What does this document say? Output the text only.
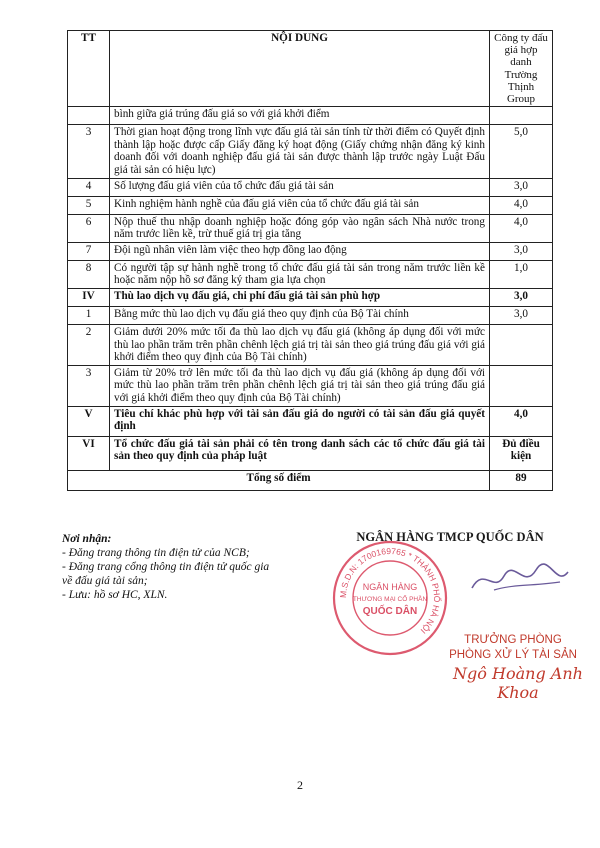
TT	NỘI DUNG	Công ty đấu giá hợp danh Trường Thịnh Group
	bình giữa giá trúng đấu giá so với giá khởi điểm	
3	Thời gian hoạt động trong lĩnh vực đấu giá tài sản tính từ thời điểm có Quyết định thành lập hoặc được cấp Giấy đăng ký hoạt động (Giấy chứng nhận đăng ký kinh doanh đối với doanh nghiệp đấu giá tài sản được thành lập trước ngày Luật Đấu giá tài sản có hiệu lực)	5,0
4	Số lượng đấu giá viên của tổ chức đấu giá tài sản	3,0
5	Kinh nghiệm hành nghề của đấu giá viên của tổ chức đấu giá tài sản	4,0
6	Nộp thuế thu nhập doanh nghiệp hoặc đóng góp vào ngân sách Nhà nước trong năm trước liền kề, trừ thuế giá trị gia tăng	4,0
7	Đội ngũ nhân viên làm việc theo hợp đồng lao động	3,0
8	Có người tập sự hành nghề trong tổ chức đấu giá tài sản trong năm trước liền kề hoặc năm nộp hồ sơ đăng ký tham gia lựa chọn	1,0
IV	Thù lao dịch vụ đấu giá, chi phí đấu giá tài sản phù hợp	3,0
1	Bằng mức thù lao dịch vụ đấu giá theo quy định của Bộ Tài chính	3,0
2	Giảm dưới 20% mức tối đa thù lao dịch vụ đấu giá (không áp dụng đối với mức thù lao phần trăm trên phần chênh lệch giá trị tài sản theo giá trúng đấu giá với giá khởi điểm theo quy định của Bộ Tài chính)	
3	Giảm từ 20% trở lên mức tối đa thù lao dịch vụ đấu giá (không áp dụng đối với mức thù lao phần trăm trên phần chênh lệch giá trị tài sản theo giá trúng đấu giá với giá khởi điểm theo quy định của Bộ Tài chính)	
V	Tiêu chí khác phù hợp với tài sản đấu giá do người có tài sản đấu giá quyết định	4,0
VI	Tổ chức đấu giá tài sản phải có tên trong danh sách các tổ chức đấu giá tài sản theo quy định của pháp luật	Đủ điều kiện
Tổng số điểm		89
Nơi nhận:
- Đăng trang thông tin điện tử của NCB;
- Đăng trang cổng thông tin điện tử quốc gia về đấu giá tài sản;
- Lưu: hồ sơ HC, XLN.	M.S.D.N: 1700169765 * THÀNH PHỐ HÀ NỘI
NGÂN HÀNG
THƯƠNG MẠI CỔ PHẦN
QUỐC DÂN
NGÂN HÀNG TMCP QUỐC DÂN
TRƯỞNG PHÒNG
PHÒNG XỬ LÝ TÀI SẢN
Ngô Hoàng Anh Khoa
2
